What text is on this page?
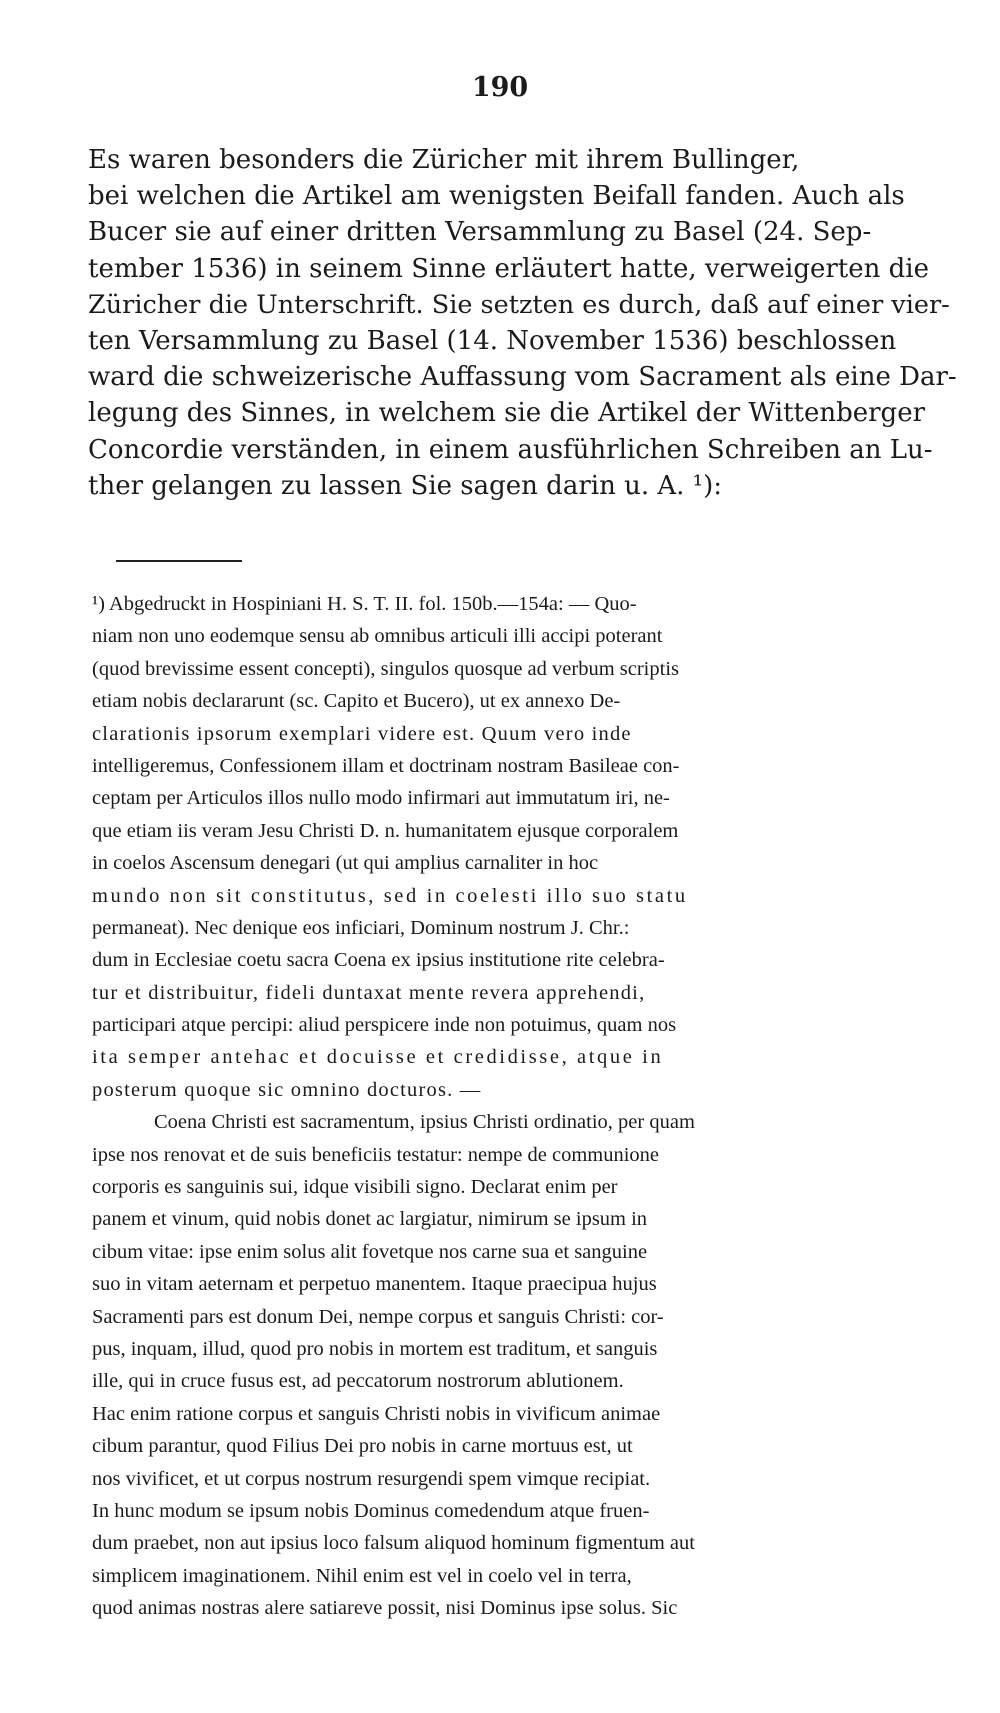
190
Es waren besonders die Züricher mit ihrem Bullinger,
bei welchen die Artikel am wenigsten Beifall fanden. Auch als
Bucer sie auf einer dritten Versammlung zu Basel (24. Sep-
tember 1536) in seinem Sinne erläutert hatte, verweigerten die
Züricher die Unterschrift. Sie setzten es durch, daß auf einer vier-
ten Versammlung zu Basel (14. November 1536) beschlossen
ward die schweizerische Auffassung vom Sacrament als eine Dar-
legung des Sinnes, in welchem sie die Artikel der Wittenberger
Concordie verständen, in einem ausführlichen Schreiben an Lu-
ther gelangen zu lassen Sie sagen darin u. A. ¹):
¹) Abgedruckt in Hospiniani H. S. T. II. fol. 150b.—154a: — Quo-
niam non uno eodemque sensu ab omnibus articuli illi accipi poterant
(quod brevissime essent concepti), singulos quosque ad verbum scriptis
etiam nobis declararunt (sc. Capito et Bucero), ut ex annexo De-
clarationis ipsorum exemplari videre est. Quum vero inde
intelligeremus, Confessionem illam et doctrinam nostram Basileae con-
ceptam per Articulos illos nullo modo infirmari aut immutatum iri, ne-
que etiam iis veram Jesu Christi D. n. humanitatem ejusque corporalem
in coelos Ascensum denegari (ut qui amplius carnaliter in hoc
mundo non sit constitutus, sed in coelesti illo suo statu
permaneat). Nec denique eos inficiari, Dominum nostrum J. Chr.:
dum in Ecclesiae coetu sacra Coena ex ipsius institutione rite celebra-
tur et distribuitur, fideli duntaxat mente revera apprehendi,
participari atque percipi: aliud perspicere inde non potuimus, quam nos
ita semper antehac et docuisse et credidisse, atque in
posterum quoque sic omnino docturos. —
Coena Christi est sacramentum, ipsius Christi ordinatio, per quam
ipse nos renovat et de suis beneficiis testatur: nempe de communione
corporis es sanguinis sui, idque visibili signo. Declarat enim per
panem et vinum, quid nobis donet ac largiatur, nimirum se ipsum in
cibum vitae: ipse enim solus alit fovetque nos carne sua et sanguine
suo in vitam aeternam et perpetuo manentem. Itaque praecipua hujus
Sacramenti pars est donum Dei, nempe corpus et sanguis Christi: cor-
pus, inquam, illud, quod pro nobis in mortem est traditum, et sanguis
ille, qui in cruce fusus est, ad peccatorum nostrorum ablutionem.
Hac enim ratione corpus et sanguis Christi nobis in vivificum animae
cibum parantur, quod Filius Dei pro nobis in carne mortuus est, ut
nos vivificet, et ut corpus nostrum resurgendi spem vimque recipiat.
In hunc modum se ipsum nobis Dominus comedendum atque fruen-
dum praebet, non aut ipsius loco falsum aliquod hominum figmentum aut
simplicem imaginationem. Nihil enim est vel in coelo vel in terra,
quod animas nostras alere satiareve possit, nisi Dominus ipse solus. Sic
